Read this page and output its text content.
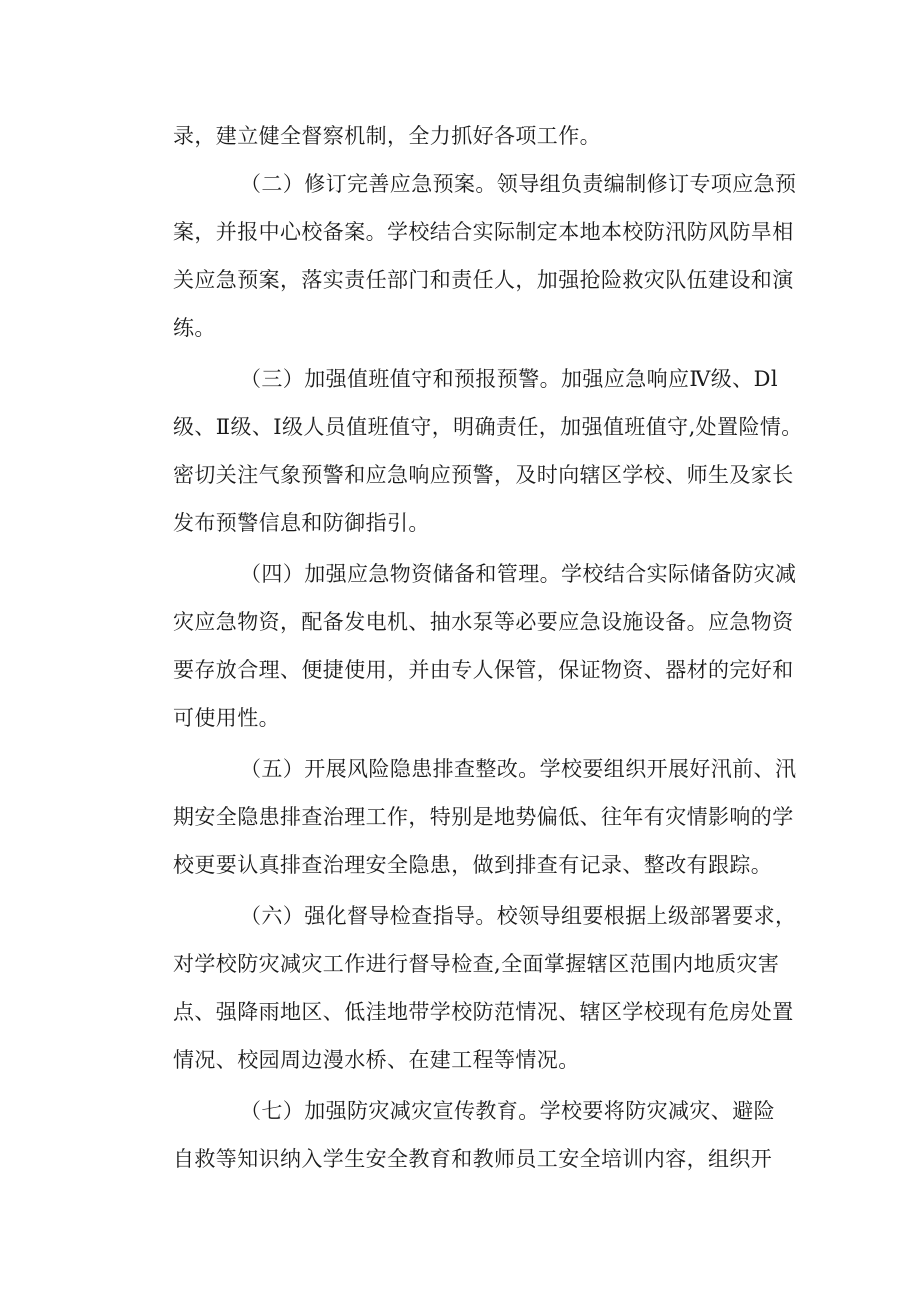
录，建立健全督察机制，全力抓好各项工作。

（二）修订完善应急预案。领导组负责编制修订专项应急预

案，并报中心校备案。学校结合实际制定本地本校防汛防风防旱相

关应急预案，落实责任部门和责任人，加强抢险救灾队伍建设和演

练。

（三）加强值班值守和预报预警。加强应急响应Ⅳ级、Dl

级、Ⅱ级、I级人员值班值守，明确责任，加强值班值守,处置险情。

密切关注气象预警和应急响应预警，及时向辖区学校、师生及家长

发布预警信息和防御指引。

（四）加强应急物资储备和管理。学校结合实际储备防灾减

灾应急物资，配备发电机、抽水泵等必要应急设施设备。应急物资

要存放合理、便捷使用，并由专人保管，保证物资、器材的完好和

可使用性。

（五）开展风险隐患排查整改。学校要组织开展好汛前、汛

期安全隐患排查治理工作，特别是地势偏低、往年有灾情影响的学

校更要认真排查治理安全隐患，做到排查有记录、整改有跟踪。

（六）强化督导检查指导。校领导组要根据上级部署要求，

对学校防灾减灾工作进行督导检查,全面掌握辖区范围内地质灾害

点、强降雨地区、低洼地带学校防范情况、辖区学校现有危房处置

情况、校园周边漫水桥、在建工程等情况。

（七）加强防灾减灾宣传教育。学校要将防灾减灾、避险

自救等知识纳入学生安全教育和教师员工安全培训内容，组织开
